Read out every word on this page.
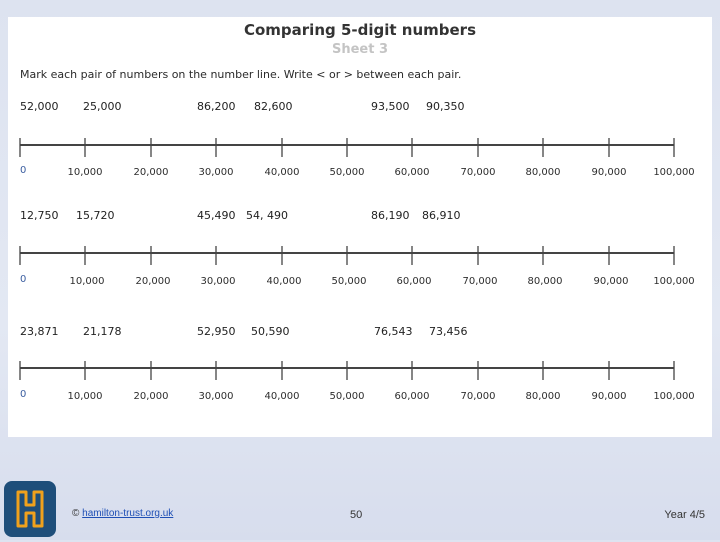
Comparing 5-digit numbers
Sheet 3
Mark each pair of numbers on the number line. Write < or > between each pair.
52,000 25,000	86,200 82,600	93,500 90,350
0	10,000	20,000	30,000	40,000	50,000	60,000	70,000	80,000	90,000	100,000
12,750 15,720	45,490 54, 490	86,190 86,910
0	10,000	20,000	30,000	40,000	50,000	60,000	70,000	80,000	90,000 100,000
23,871 21,178	52,950 50,590	76,543 73,456
0	10,000	20,000	30,000	40,000	50,000	60,000	70,000	80,000	90,000	100,000
© hamilton-trust.org.uk	50	Year 4/5
